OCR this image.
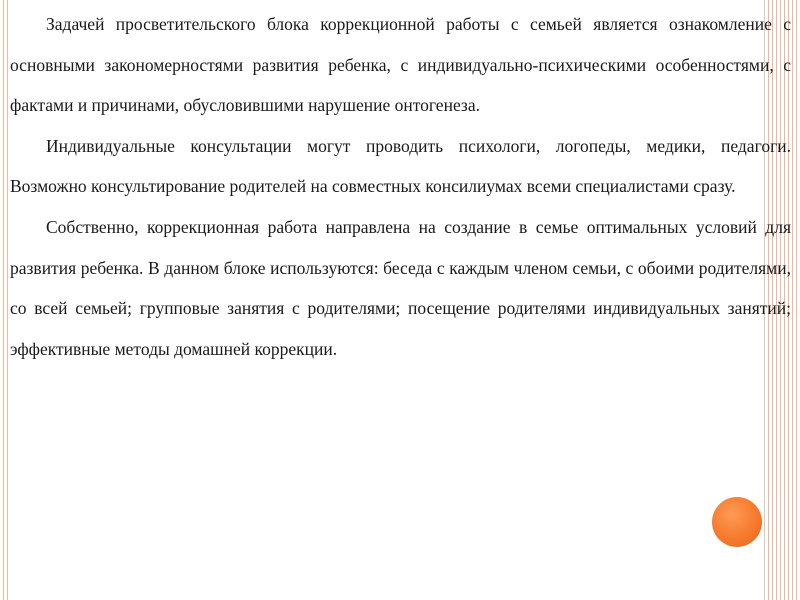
Задачей просветительского блока коррекционной работы с семьей является ознакомление с основными закономерностями развития ребенка, с индивидуально-психическими особенностями, с фактами и причинами, обусловившими нарушение онтогенеза.

Индивидуальные консультации могут проводить психологи, логопеды, медики, педагоги. Возможно консультирование родителей на совместных консилиумах всеми специалистами сразу.

Собственно, коррекционная работа направлена на создание в семье оптимальных условий для развития ребенка. В данном блоке используются: беседа с каждым членом семьи, с обоими родителями, со всей семьей; групповые занятия с родителями; посещение родителями индивидуальных занятий; эффективные методы домашней коррекции.
